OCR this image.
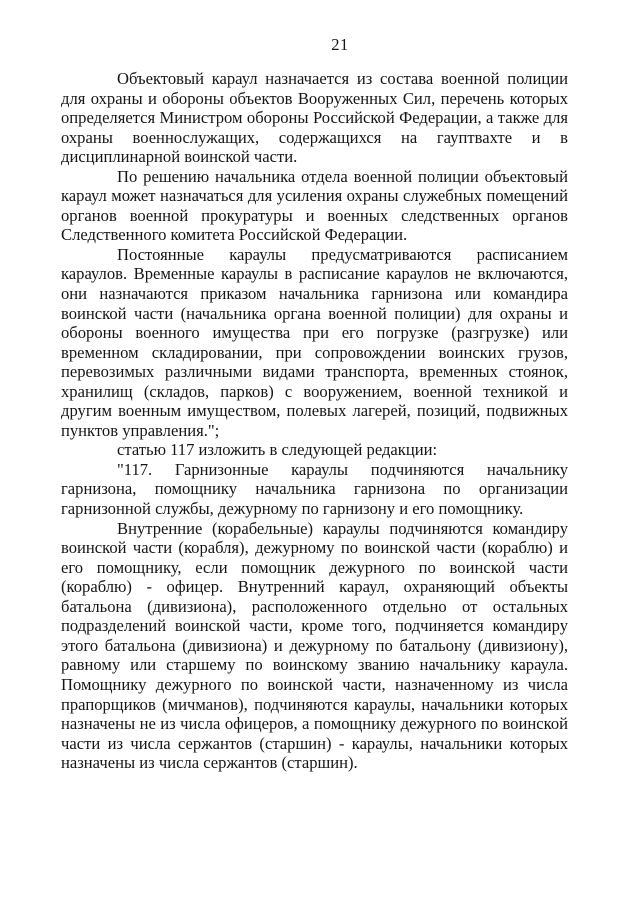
21

Объектовый караул назначается из состава военной полиции для охраны и обороны объектов Вооруженных Сил, перечень которых определяется Министром обороны Российской Федерации, а также для охраны военнослужащих, содержащихся на гауптвахте и в дисциплинарной воинской части.

По решению начальника отдела военной полиции объектовый караул может назначаться для усиления охраны служебных помещений органов военной прокуратуры и военных следственных органов Следственного комитета Российской Федерации.

Постоянные караулы предусматриваются расписанием караулов. Временные караулы в расписание караулов не включаются, они назначаются приказом начальника гарнизона или командира воинской части (начальника органа военной полиции) для охраны и обороны военного имущества при его погрузке (разгрузке) или временном складировании, при сопровождении воинских грузов, перевозимых различными видами транспорта, временных стоянок, хранилищ (складов, парков) с вооружением, военной техникой и другим военным имуществом, полевых лагерей, позиций, подвижных пунктов управления.";

статью 117 изложить в следующей редакции:

"117. Гарнизонные караулы подчиняются начальнику гарнизона, помощнику начальника гарнизона по организации гарнизонной службы, дежурному по гарнизону и его помощнику.

Внутренние (корабельные) караулы подчиняются командиру воинской части (корабля), дежурному по воинской части (кораблю) и его помощнику, если помощник дежурного по воинской части (кораблю) - офицер. Внутренний караул, охраняющий объекты батальона (дивизиона), расположенного отдельно от остальных подразделений воинской части, кроме того, подчиняется командиру этого батальона (дивизиона) и дежурному по батальону (дивизиону), равному или старшему по воинскому званию начальнику караула. Помощнику дежурного по воинской части, назначенному из числа прапорщиков (мичманов), подчиняются караулы, начальники которых назначены не из числа офицеров, а помощнику дежурного по воинской части из числа сержантов (старшин) - караулы, начальники которых назначены из числа сержантов (старшин).
